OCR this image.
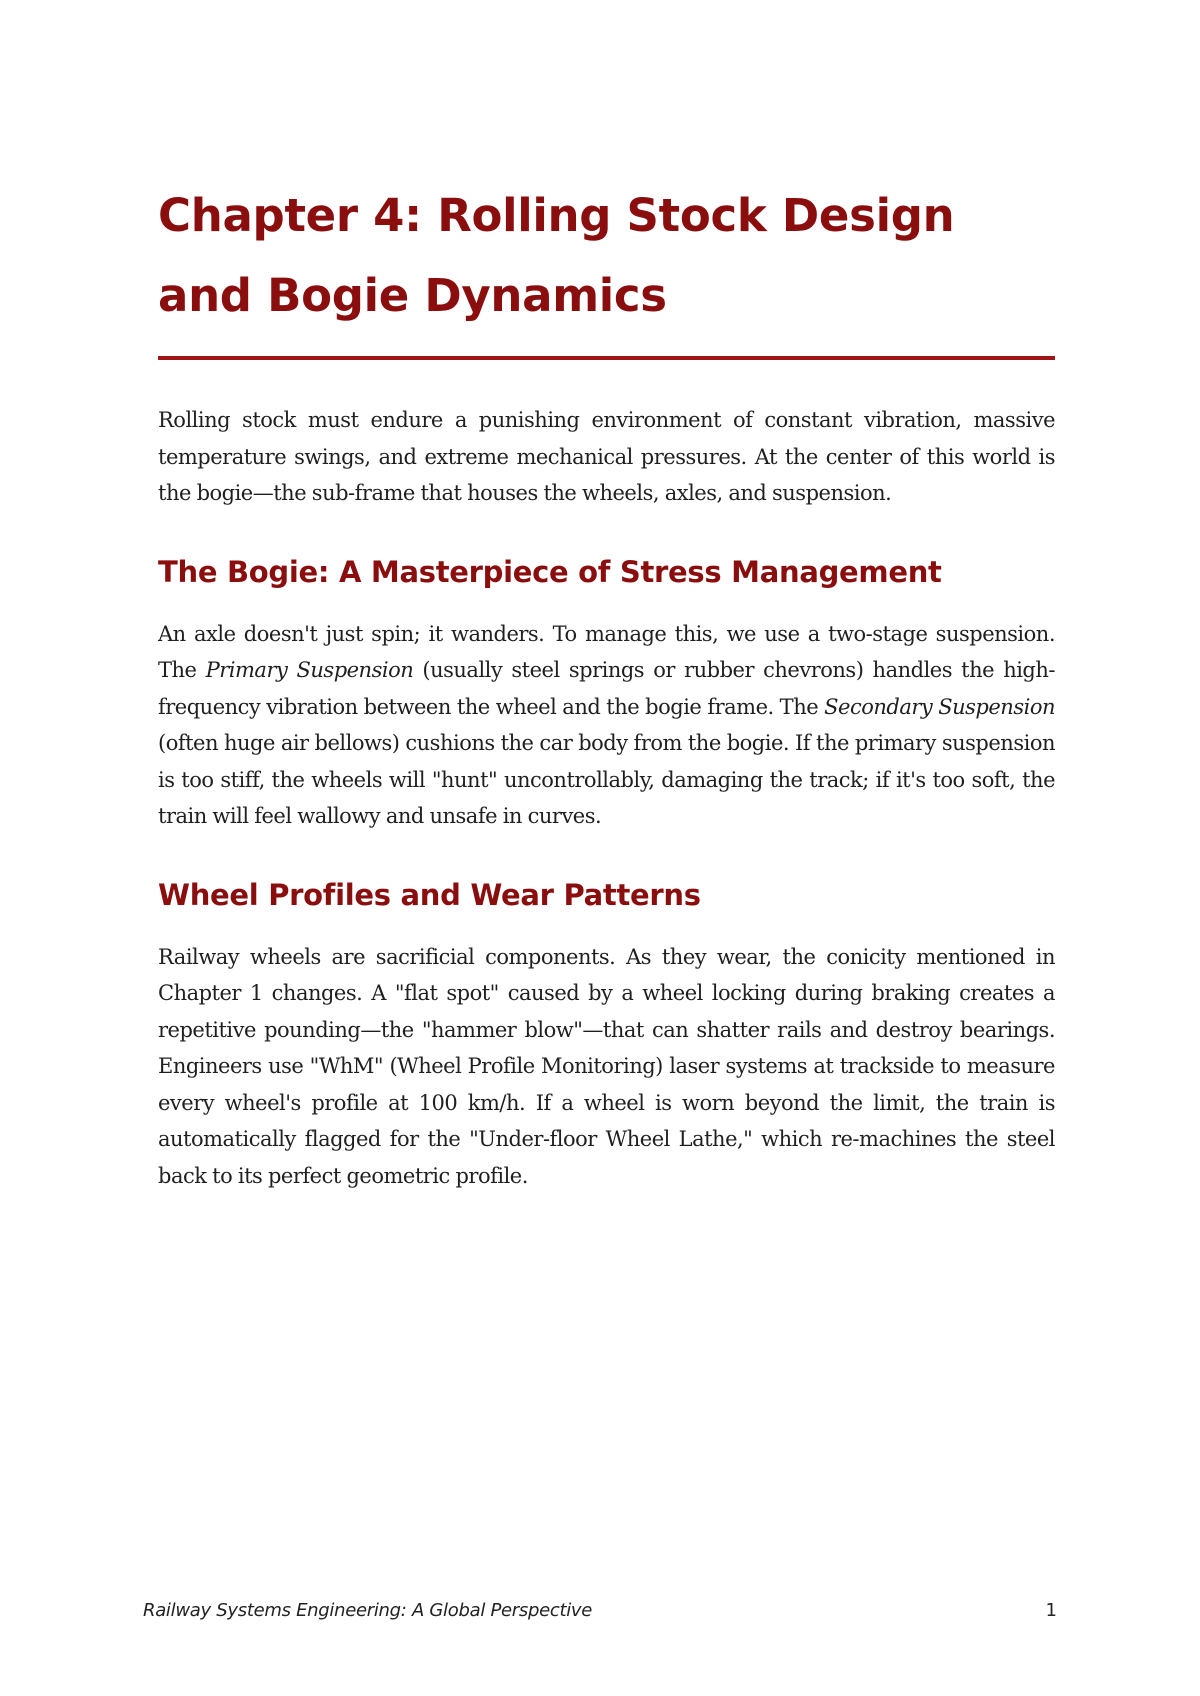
Chapter 4: Rolling Stock Design and Bogie Dynamics

Rolling stock must endure a punishing environment of constant vibration, massive temperature swings, and extreme mechanical pressures. At the center of this world is the bogie—the sub-frame that houses the wheels, axles, and suspension.

The Bogie: A Masterpiece of Stress Management

An axle doesn't just spin; it wanders. To manage this, we use a two-stage suspension. The Primary Suspension (usually steel springs or rubber chevrons) handles the high-frequency vibration between the wheel and the bogie frame. The Secondary Suspension (often huge air bellows) cushions the car body from the bogie. If the primary suspension is too stiff, the wheels will "hunt" uncontrollably, damaging the track; if it's too soft, the train will feel wallowy and unsafe in curves.

Wheel Profiles and Wear Patterns

Railway wheels are sacrificial components. As they wear, the conicity mentioned in Chapter 1 changes. A "flat spot" caused by a wheel locking during braking creates a repetitive pounding—the "hammer blow"—that can shatter rails and destroy bearings. Engineers use "WhM" (Wheel Profile Monitoring) laser systems at trackside to measure every wheel's profile at 100 km/h. If a wheel is worn beyond the limit, the train is automatically flagged for the "Under-floor Wheel Lathe," which re-machines the steel back to its perfect geometric profile.

Railway Systems Engineering: A Global Perspective	1
